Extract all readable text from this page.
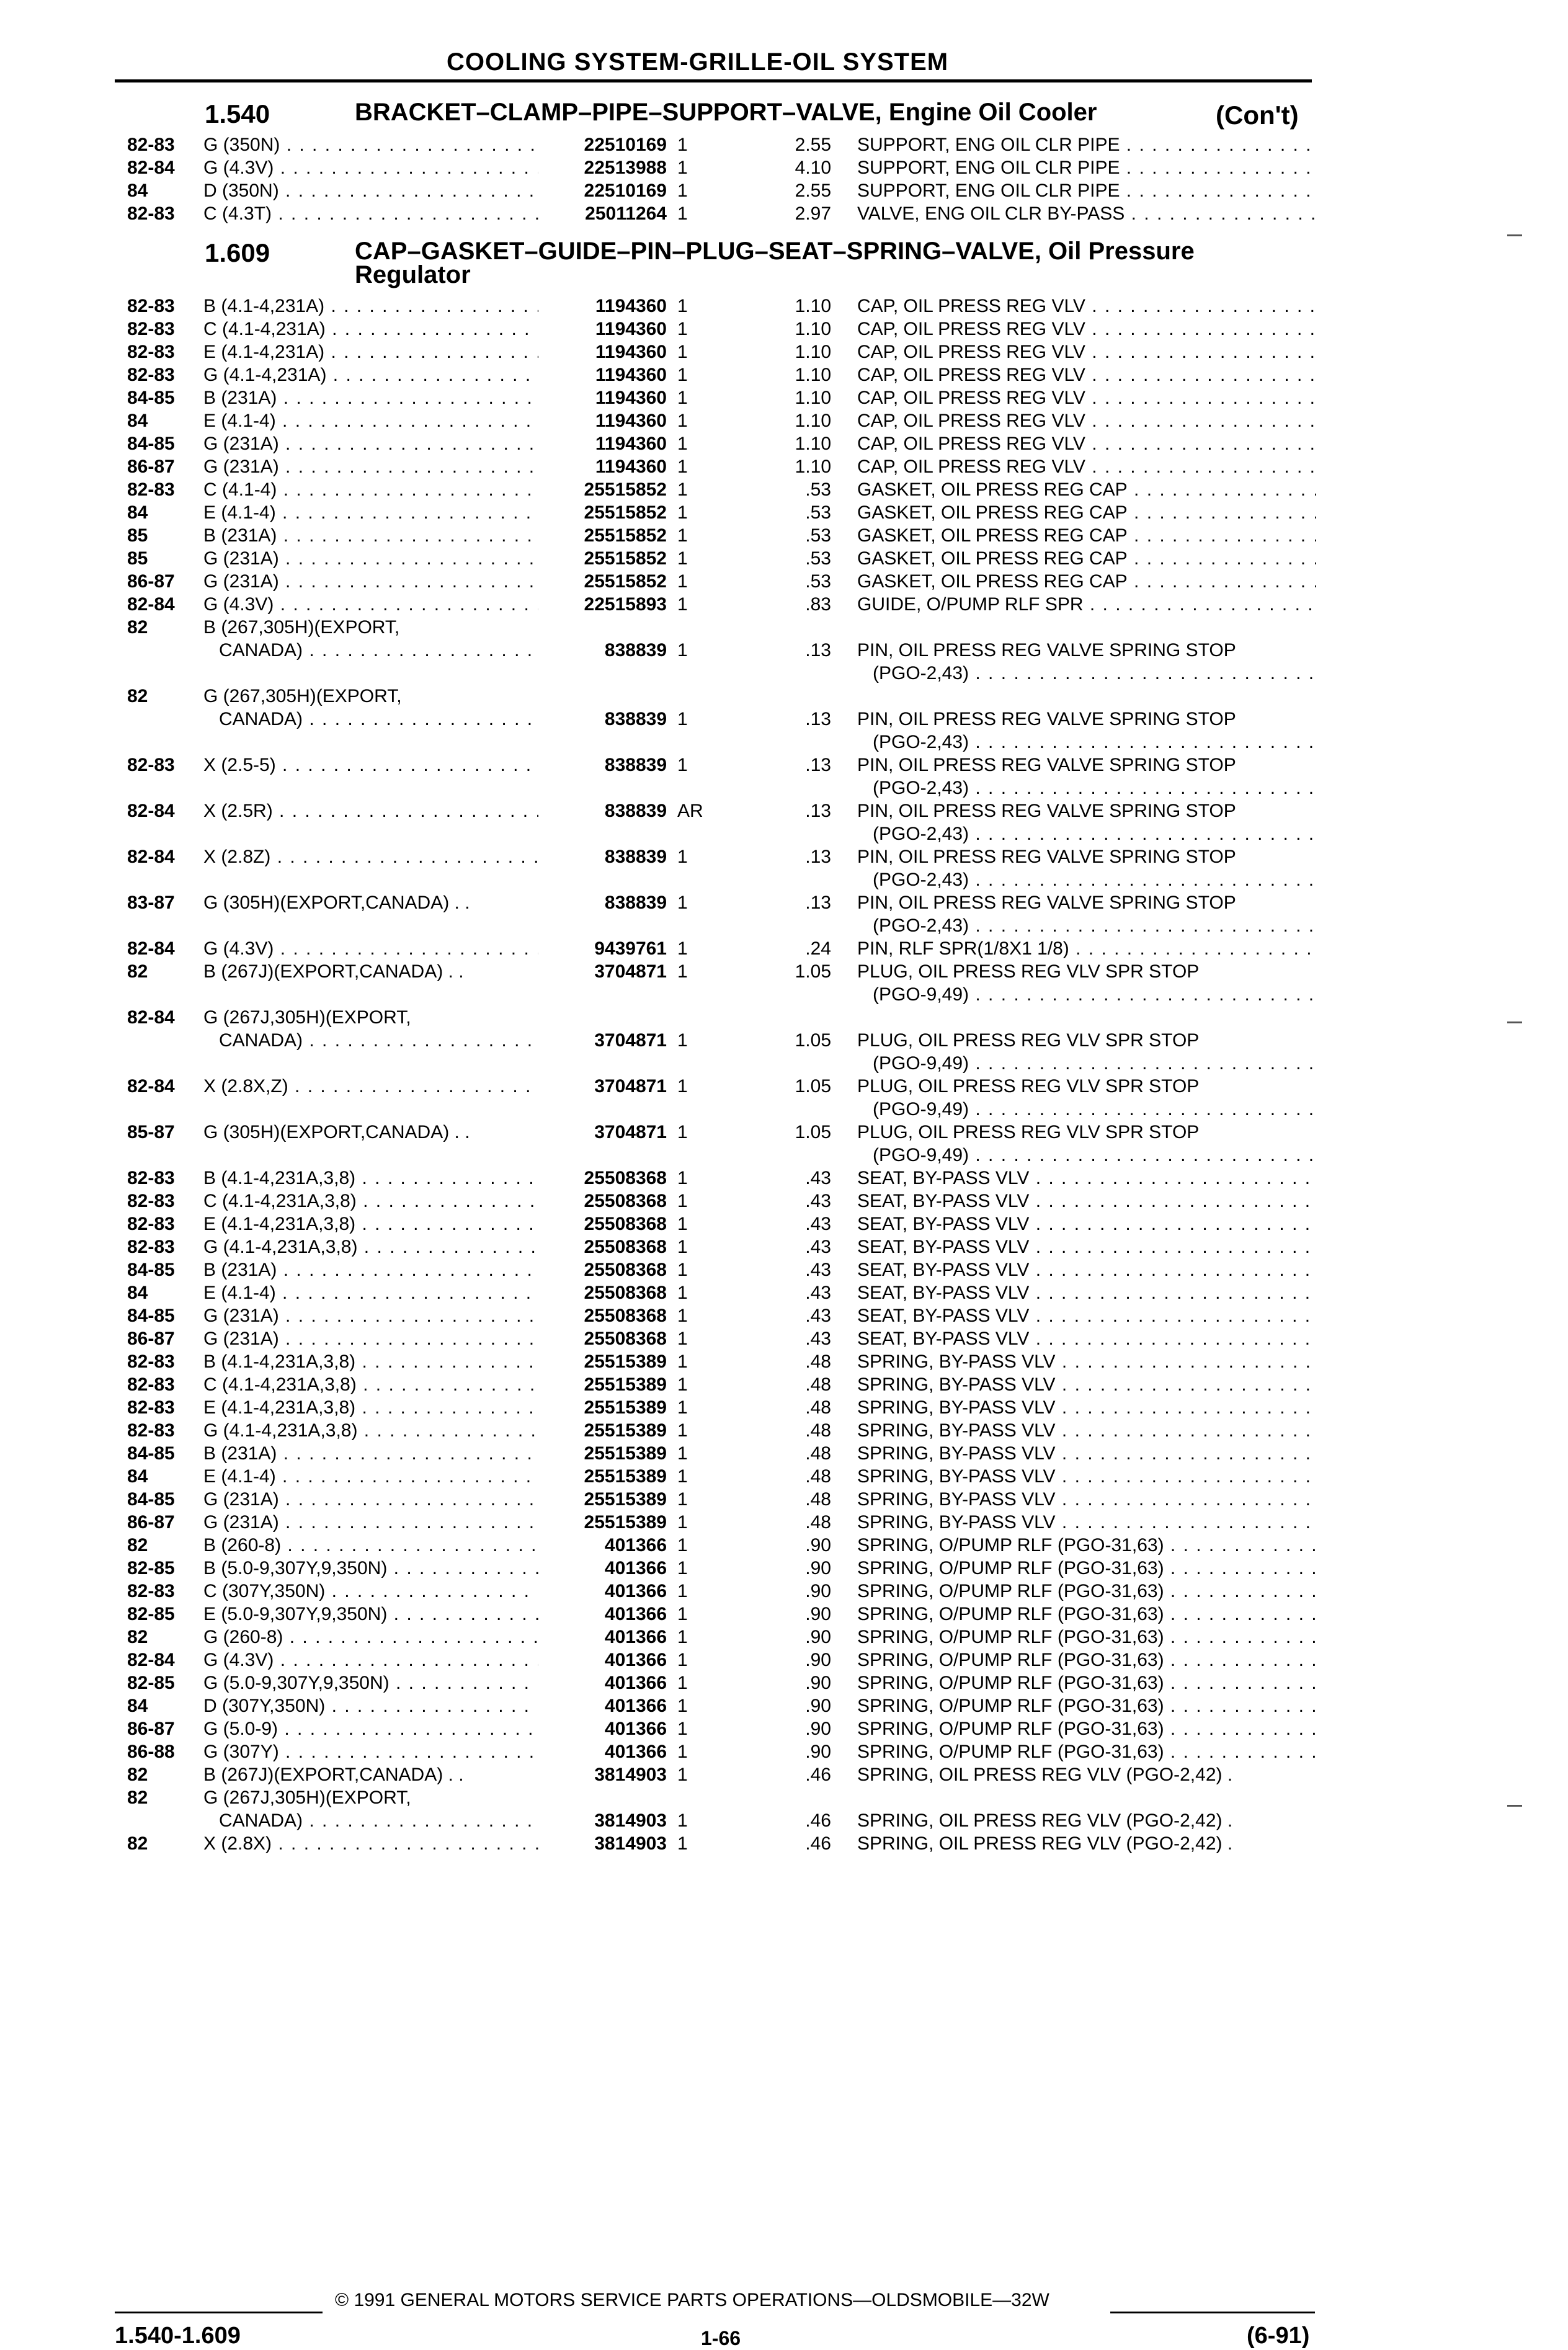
COOLING SYSTEM-GRILLE-OIL SYSTEM
1.540	BRACKET–CLAMP–PIPE–SUPPORT–VALVE, Engine Oil Cooler	(Con't)
1.609	CAP–GASKET–GUIDE–PIN–PLUG–SEAT–SPRING–VALVE, Oil Pressure
Regulator
82-83 G (350N) . . .	22510169 1	2.55 SUPPORT, ENG OIL CLR PIPE . . .
82-84 G (4.3V) . . .	22513988 1	4.10 SUPPORT, ENG OIL CLR PIPE . . .
84	D (350N) . . .	22510169 1	2.55 SUPPORT, ENG OIL CLR PIPE . . .
82-83 C (4.3T) . . .	25011264 1	2.97 VALVE, ENG OIL CLR BY-PASS . . .
82-83 B (4.1-4,231A) . . .	1194360 1	1.10 CAP, OIL PRESS REG VLV . . .
82-83 C (4.1-4,231A) . . .	1194360 1	1.10 CAP, OIL PRESS REG VLV . . .
82-83 E (4.1-4,231A) . . .	1194360 1	1.10 CAP, OIL PRESS REG VLV . . .
82-83 G (4.1-4,231A) . . .	1194360 1	1.10 CAP, OIL PRESS REG VLV . . .
84-85 B (231A) . . .	1194360 1	1.10 CAP, OIL PRESS REG VLV . . .
84	E (4.1-4) . . .	1194360 1	1.10 CAP, OIL PRESS REG VLV . . .
84-85 G (231A) . . .	1194360 1	1.10 CAP, OIL PRESS REG VLV . . .
86-87 G (231A) . . .	1194360 1	1.10 CAP, OIL PRESS REG VLV . . .
82-83 C (4.1-4) . . .	25515852 1	.53 GASKET, OIL PRESS REG CAP . . .
84	E (4.1-4) . . .	25515852 1	.53 GASKET, OIL PRESS REG CAP . . .
85	B (231A) . . .	25515852 1	.53 GASKET, OIL PRESS REG CAP . . .
85	G (231A) . . .	25515852 1	.53 GASKET, OIL PRESS REG CAP . . .
86-87 G (231A) . . .	25515852 1	.53 GASKET, OIL PRESS REG CAP . . .
82-84 G (4.3V) . . .	22515893 1	.83 GUIDE, O/PUMP RLF SPR . . .
82	B (267,305H)(EXPORT,
CANADA) . . .	838839 1	.13 PIN, OIL PRESS REG VALVE SPRING STOP
(PGO-2,43) . . .
82	G (267,305H)(EXPORT,
CANADA) . . .	838839 1	.13 PIN, OIL PRESS REG VALVE SPRING STOP
(PGO-2,43) . . .
82-83 X (2.5-5) . . .	838839 1	.13 PIN, OIL PRESS REG VALVE SPRING STOP
(PGO-2,43) . . .
82-84 X (2.5R) . . .	838839 AR	.13 PIN, OIL PRESS REG VALVE SPRING STOP
(PGO-2,43) . . .
82-84 X (2.8Z) . . .	838839 1	.13 PIN, OIL PRESS REG VALVE SPRING STOP
(PGO-2,43) . . .
83-87 G (305H)(EXPORT,CANADA) . .	838839 1	.13 PIN, OIL PRESS REG VALVE SPRING STOP
(PGO-2,43) . . .
82-84 G (4.3V) . . .	9439761 1	.24 PIN, RLF SPR(1/8X1 1/8) . . .
82	B (267J)(EXPORT,CANADA) . .	3704871 1	1.05 PLUG, OIL PRESS REG VLV SPR STOP
(PGO-9,49) . . .
82-84 G (267J,305H)(EXPORT,
CANADA) . . .	3704871 1	1.05 PLUG, OIL PRESS REG VLV SPR STOP
(PGO-9,49) . . .
82-84 X (2.8X,Z) . . .	3704871 1	1.05 PLUG, OIL PRESS REG VLV SPR STOP
(PGO-9,49) . . .
85-87 G (305H)(EXPORT,CANADA) . .	3704871 1	1.05 PLUG, OIL PRESS REG VLV SPR STOP
(PGO-9,49) . . .
82-83 B (4.1-4,231A,3,8) . . .	25508368 1	.43 SEAT, BY-PASS VLV . . .
82-83 C (4.1-4,231A,3,8) . . .	25508368 1	.43 SEAT, BY-PASS VLV . . .
82-83 E (4.1-4,231A,3,8) . . .	25508368 1	.43 SEAT, BY-PASS VLV . . .
82-83 G (4.1-4,231A,3,8) . . .	25508368 1	.43 SEAT, BY-PASS VLV . . .
84-85 B (231A) . . .	25508368 1	.43 SEAT, BY-PASS VLV . . .
84	E (4.1-4) . . .	25508368 1	.43 SEAT, BY-PASS VLV . . .
84-85 G (231A) . . .	25508368 1	.43 SEAT, BY-PASS VLV . . .
86-87 G (231A) . . .	25508368 1	.43 SEAT, BY-PASS VLV . . .
82-83 B (4.1-4,231A,3,8) . . .	25515389 1	.48 SPRING, BY-PASS VLV . . .
82-83 C (4.1-4,231A,3,8) . . .	25515389 1	.48 SPRING, BY-PASS VLV . . .
82-83 E (4.1-4,231A,3,8) . . .	25515389 1	.48 SPRING, BY-PASS VLV . . .
82-83 G (4.1-4,231A,3,8) . . .	25515389 1	.48 SPRING, BY-PASS VLV . . .
84-85 B (231A) . . .	25515389 1	.48 SPRING, BY-PASS VLV . . .
84	E (4.1-4) . . .	25515389 1	.48 SPRING, BY-PASS VLV . . .
84-85 G (231A) . . .	25515389 1	.48 SPRING, BY-PASS VLV . . .
86-87 G (231A) . . .	25515389 1	.48 SPRING, BY-PASS VLV . . .
82	B (260-8) . . .	401366 1	.90 SPRING, O/PUMP RLF (PGO-31,63) . . .
82-85 B (5.0-9,307Y,9,350N) . . .	401366 1	.90 SPRING, O/PUMP RLF (PGO-31,63) . . .
82-83 C (307Y,350N) . . .	401366 1	.90 SPRING, O/PUMP RLF (PGO-31,63) . . .
82-85 E (5.0-9,307Y,9,350N) . . .	401366 1	.90 SPRING, O/PUMP RLF (PGO-31,63) . . .
82	G (260-8) . . .	401366 1	.90 SPRING, O/PUMP RLF (PGO-31,63) . . .
82-84 G (4.3V) . . .	401366 1	.90 SPRING, O/PUMP RLF (PGO-31,63) . . .
82-85 G (5.0-9,307Y,9,350N) . . .	401366 1	.90 SPRING, O/PUMP RLF (PGO-31,63) . . .
84	D (307Y,350N) . . .	401366 1	.90 SPRING, O/PUMP RLF (PGO-31,63) . . .
86-87 G (5.0-9) . . .	401366 1	.90 SPRING, O/PUMP RLF (PGO-31,63) . . .
86-88 G (307Y) . . .	401366 1	.90 SPRING, O/PUMP RLF (PGO-31,63) . . .
82	B (267J)(EXPORT,CANADA) . .	3814903 1	.46 SPRING, OIL PRESS REG VLV (PGO-2,42) .
82	G (267J,305H)(EXPORT,
CANADA) . . .	3814903 1	.46 SPRING, OIL PRESS REG VLV (PGO-2,42) .
82	X (2.8X) . . .	3814903 1	.46 SPRING, OIL PRESS REG VLV (PGO-2,42) .
© 1991 GENERAL MOTORS SERVICE PARTS OPERATIONS—OLDSMOBILE—32W
1.540-1.609	1-66	(6-91)
